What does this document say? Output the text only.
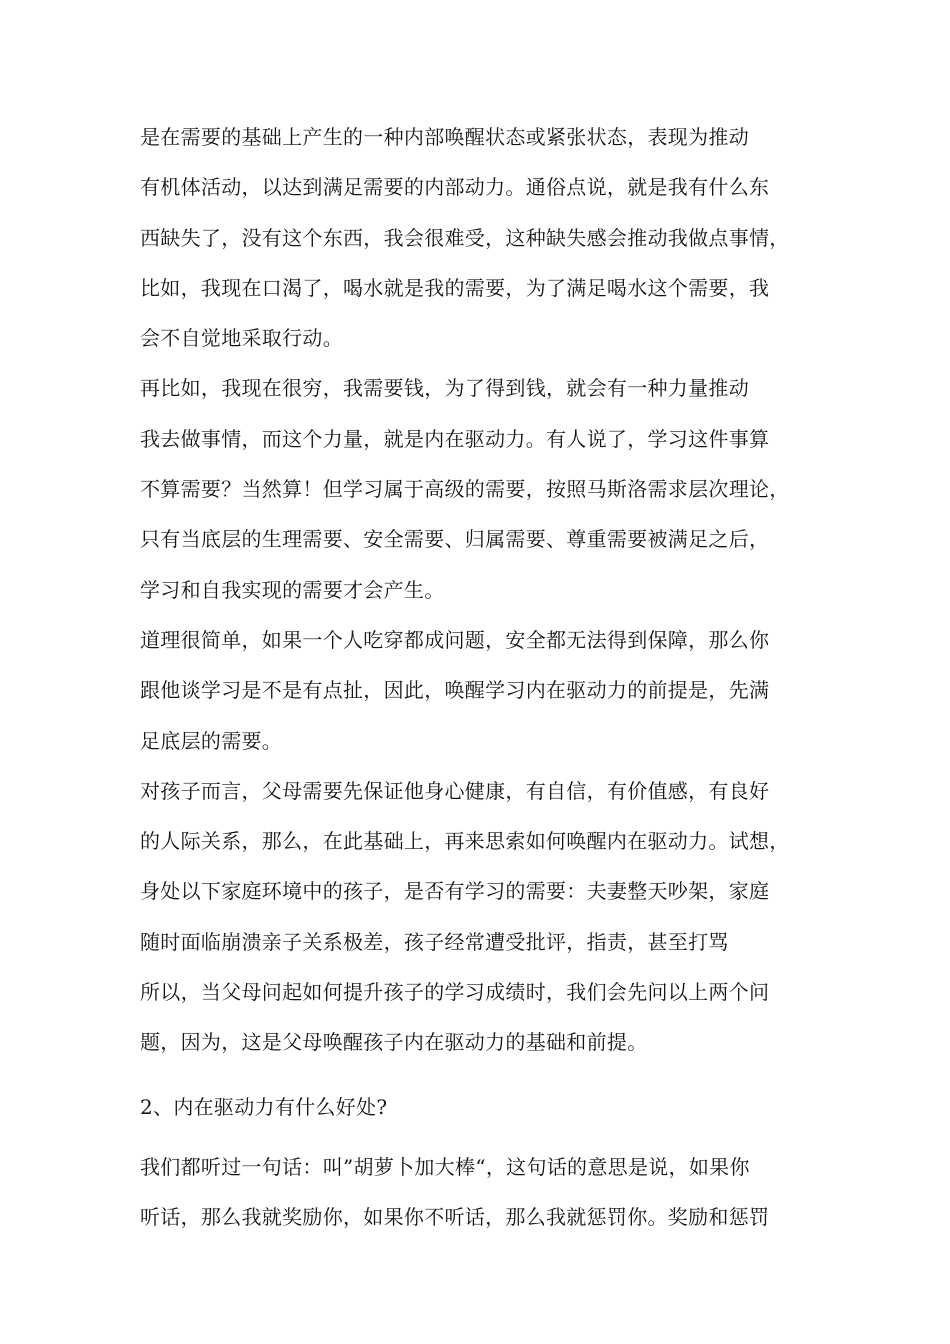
是在需要的基础上产生的一种内部唤醒状态或紧张状态，表现为推动
有机体活动，以达到满足需要的内部动力。通俗点说，就是我有什么东
西缺失了，没有这个东西，我会很难受，这种缺失感会推动我做点事情，
比如，我现在口渴了，喝水就是我的需要，为了满足喝水这个需要，我
会不自觉地采取行动。
再比如，我现在很穷，我需要钱，为了得到钱，就会有一种力量推动
我去做事情，而这个力量，就是内在驱动力。有人说了，学习这件事算
不算需要？当然算！但学习属于高级的需要，按照马斯洛需求层次理论，
只有当底层的生理需要、安全需要、归属需要、尊重需要被满足之后，
学习和自我实现的需要才会产生。
道理很简单，如果一个人吃穿都成问题，安全都无法得到保障，那么你
跟他谈学习是不是有点扯，因此，唤醒学习内在驱动力的前提是，先满
足底层的需要。
对孩子而言，父母需要先保证他身心健康，有自信，有价值感，有良好
的人际关系，那么，在此基础上，再来思索如何唤醒内在驱动力。试想，
身处以下家庭环境中的孩子，是否有学习的需要：夫妻整天吵架，家庭
随时面临崩溃亲子关系极差，孩子经常遭受批评，指责，甚至打骂
所以，当父母问起如何提升孩子的学习成绩时，我们会先问以上两个问
题，因为，这是父母唤醒孩子内在驱动力的基础和前提。
2、内在驱动力有什么好处?
我们都听过一句话：叫”胡萝卜加大棒“，这句话的意思是说，如果你
听话，那么我就奖励你，如果你不听话，那么我就惩罚你。奖励和惩罚
